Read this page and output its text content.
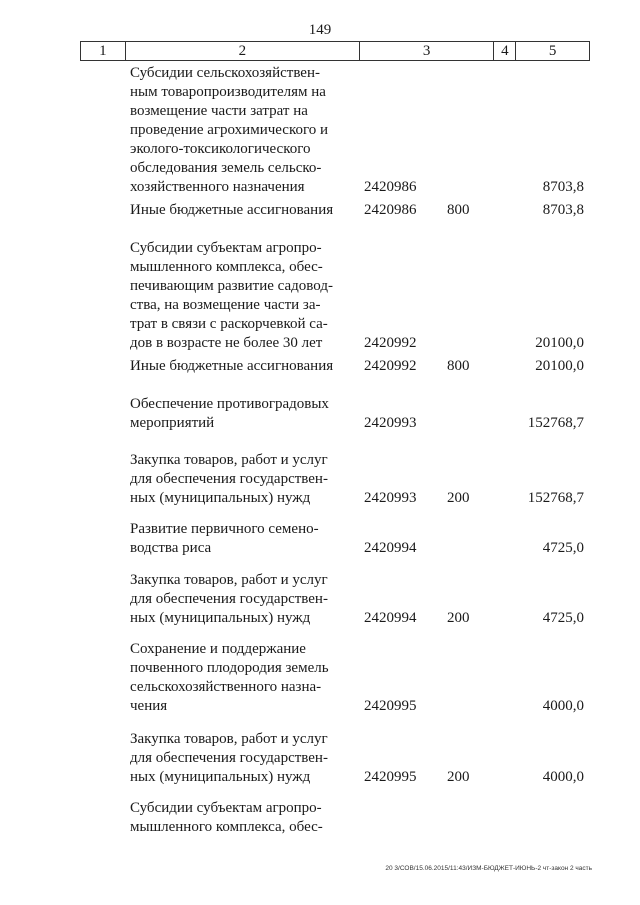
149
1	2	3	4	5
Субсидии сельскохозяйствен-
ным товаропроизводителям на
возмещение части затрат на
проведение агрохимического и
эколого-токсикологического
обследования земель сельско-
хозяйственного назначения	2420986	8703,8
Иные бюджетные ассигнования 2420986 800	8703,8
Субсидии субъектам агропро-
мышленного комплекса, обес-
печивающим развитие садовод-
ства, на возмещение части за-
трат в связи с раскорчевкой са-
дов в возрасте не более 30 лет	2420992	20100,0
Иные бюджетные ассигнования 2420992 800	20100,0
Обеспечение противоградовых
мероприятий	2420993	152768,7
Закупка товаров, работ и услуг
для обеспечения государствен-
ных (муниципальных) нужд	2420993 200	152768,7
Развитие первичного семено-
водства риса	2420994	4725,0
Закупка товаров, работ и услуг
для обеспечения государствен-
ных (муниципальных) нужд	2420994 200	4725,0
Сохранение и поддержание
почвенного плодородия земель
сельскохозяйственного назна-
чения	2420995	4000,0
Закупка товаров, работ и услуг
для обеспечения государствен-
ных (муниципальных) нужд	2420995 200	4000,0
Субсидии субъектам агропро-
мышленного комплекса, обес-
20 3/СОВ/15.06.2015/11:43/ИЗМ-БЮДЖЕТ-ИЮНЬ-2 чт-закон 2 часть
